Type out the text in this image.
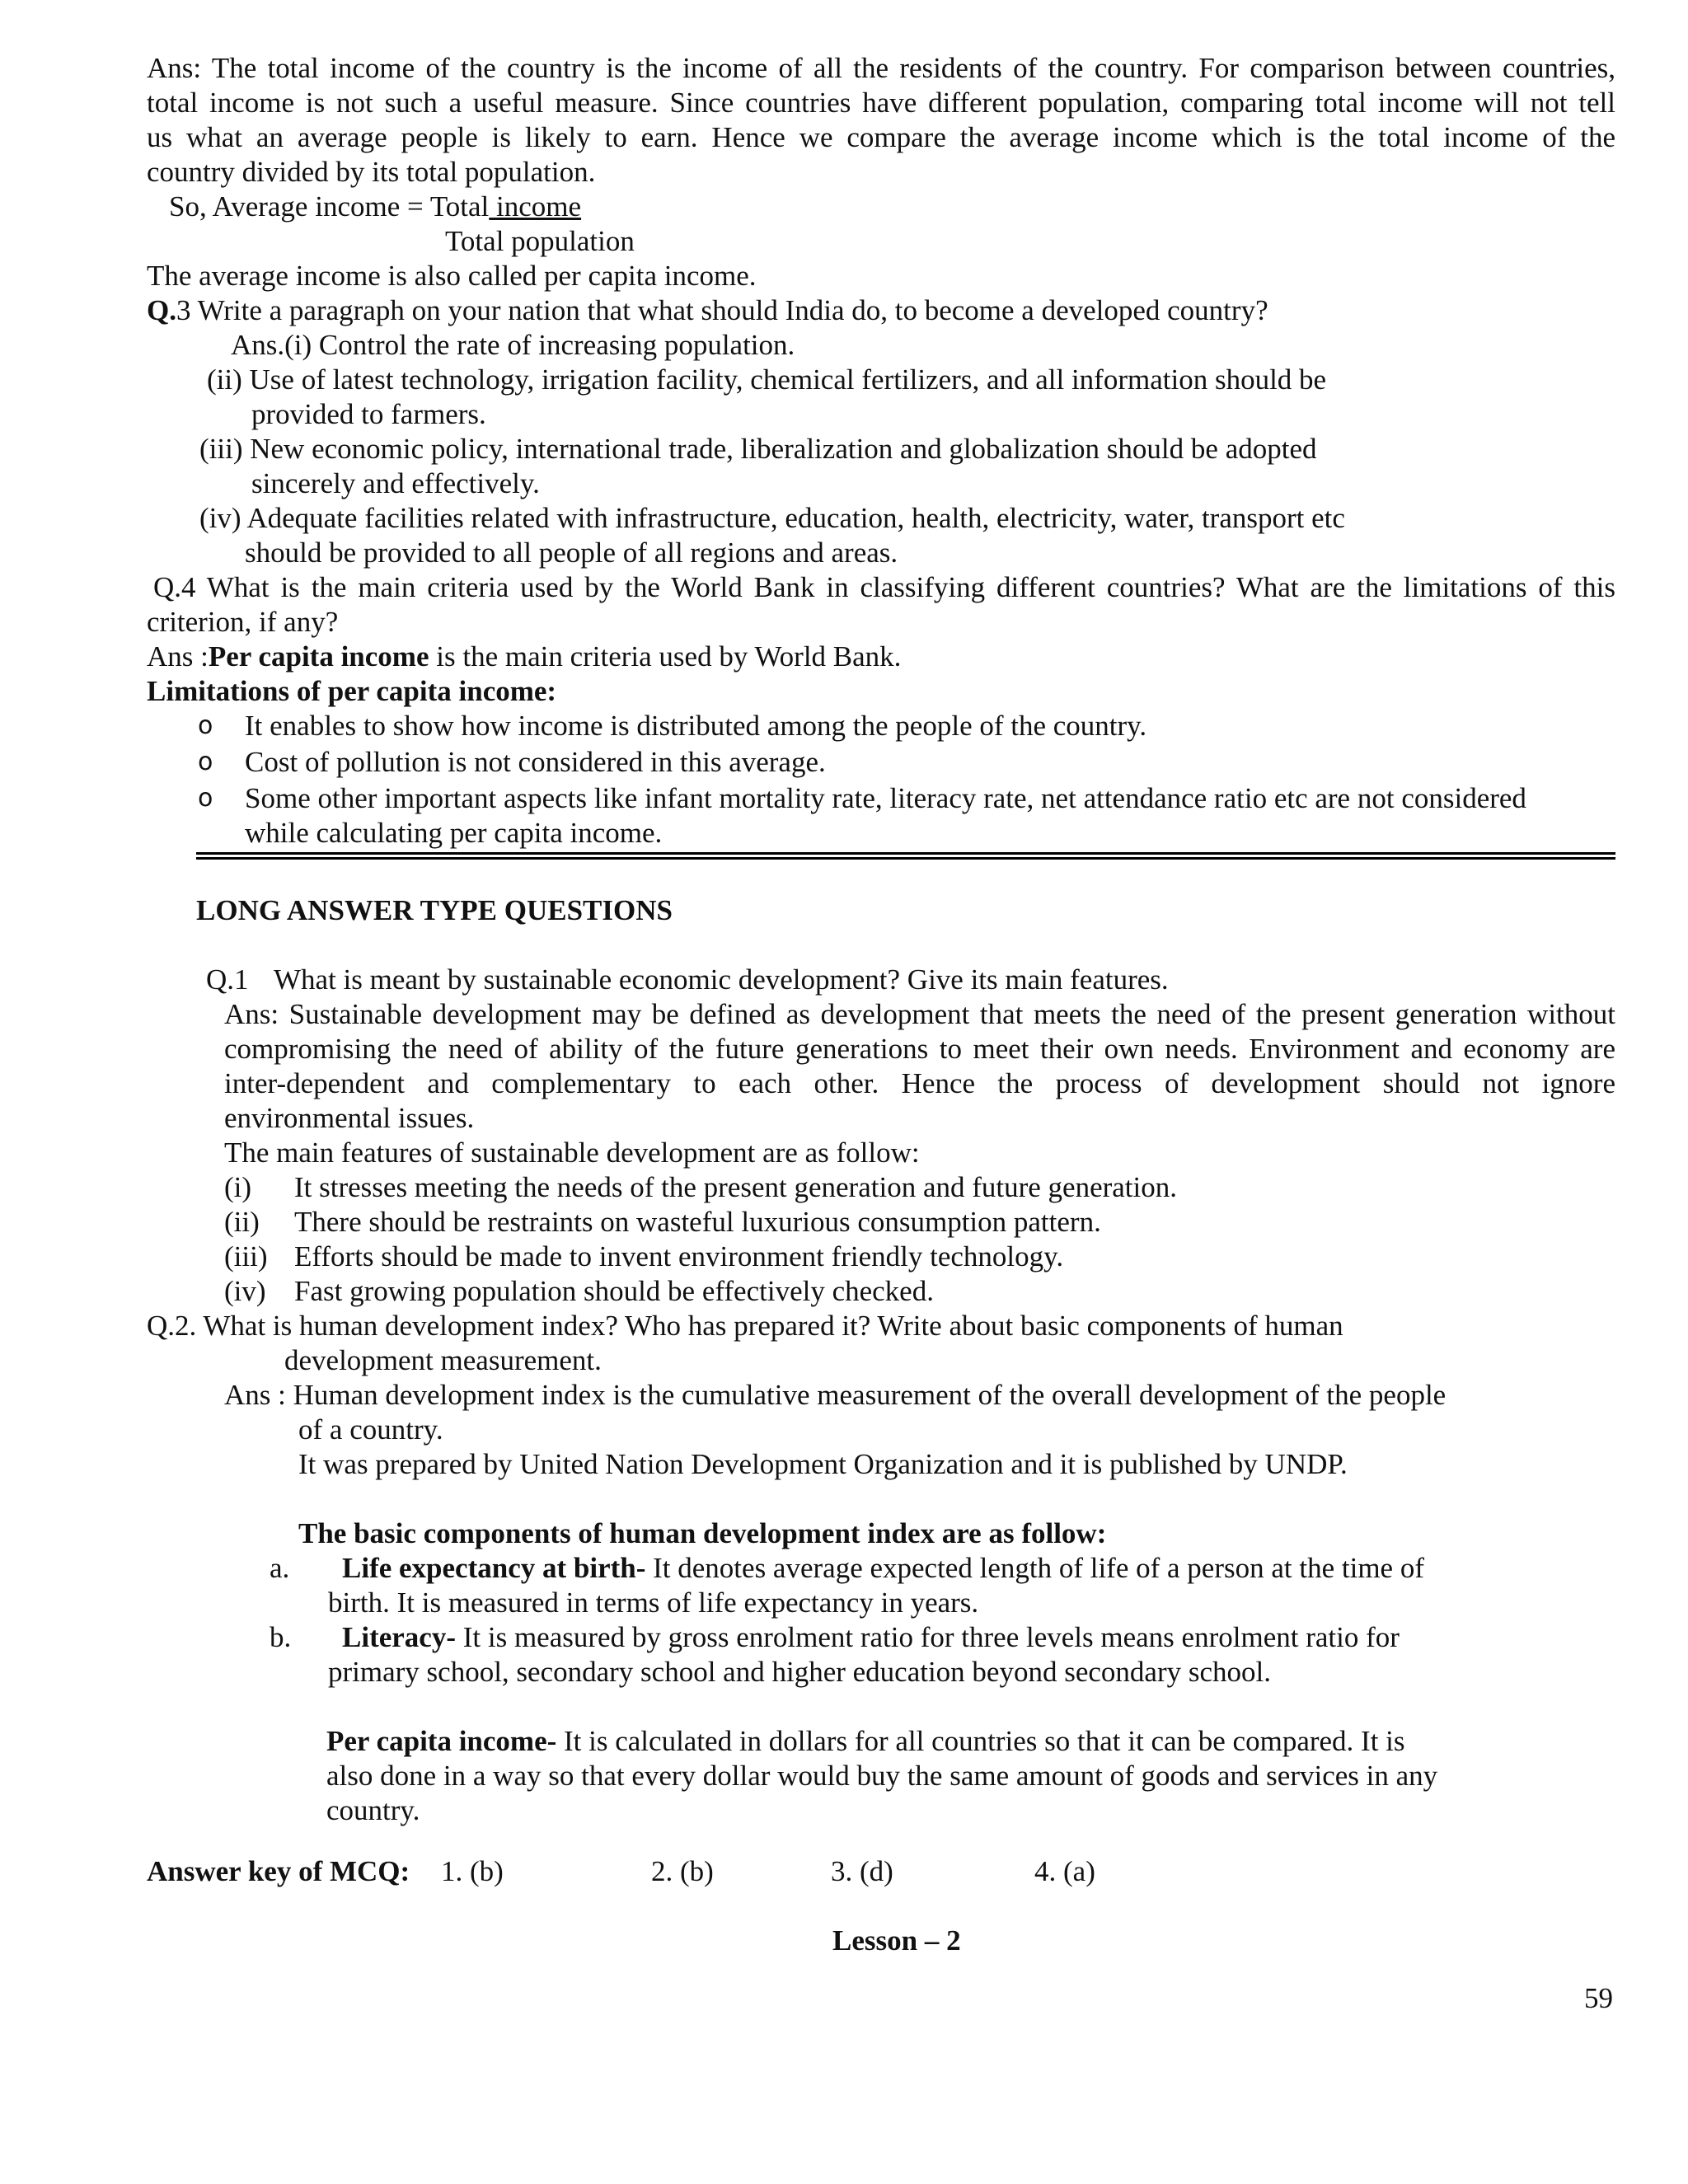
Ans: The total income of the country is the income of all the residents of the country. For comparison between countries,
total income is not such a useful measure. Since countries have different population, comparing total income will not tell
us what an average people is likely to earn. Hence we compare the average income which is the total income of the
country divided by its total population.
So, Average income = Total income
Total population
The average income is also called per capita income.
Q.3 Write a paragraph on your nation that what should India do, to become a developed country?
Ans.(i) Control the rate of increasing population.
(ii) Use of latest technology, irrigation facility, chemical fertilizers, and all information should be
provided to farmers.
(iii) New economic policy, international trade, liberalization and globalization should be adopted
sincerely and effectively.
(iv) Adequate facilities related with infrastructure, education, health, electricity, water, transport etc
should be provided to all people of all regions and areas.
Q.4 What is the main criteria used by the World Bank in classifying different countries? What are the limitations of this
criterion, if any?
Ans :Per capita income is the main criteria used by World Bank.
Limitations of per capita income:
o It enables to show how income is distributed among the people of the country.
o Cost of pollution is not considered in this average.
o Some other important aspects like infant mortality rate, literacy rate, net attendance ratio etc are not considered
while calculating per capita income.
LONG ANSWER TYPE QUESTIONS
Q.1 What is meant by sustainable economic development? Give its main features.
Ans: Sustainable development may be defined as development that meets the need of the present generation without
compromising the need of ability of the future generations to meet their own needs. Environment and economy are
inter-dependent and complementary to each other. Hence the process of development should not ignore
environmental issues.
The main features of sustainable development are as follow:
(i) It stresses meeting the needs of the present generation and future generation.
(ii) There should be restraints on wasteful luxurious consumption pattern.
(iii) Efforts should be made to invent environment friendly technology.
(iv) Fast growing population should be effectively checked.
Q.2. What is human development index? Who has prepared it? Write about basic components of human
development measurement.
Ans : Human development index is the cumulative measurement of the overall development of the people
of a country.
It was prepared by United Nation Development Organization and it is published by UNDP.
The basic components of human development index are as follow:
a. Life expectancy at birth- It denotes average expected length of life of a person at the time of
birth. It is measured in terms of life expectancy in years.
b. Literacy- It is measured by gross enrolment ratio for three levels means enrolment ratio for
primary school, secondary school and higher education beyond secondary school.
Per capita income- It is calculated in dollars for all countries so that it can be compared. It is
also done in a way so that every dollar would buy the same amount of goods and services in any
country.
Answer key of MCQ: 1. (b)	2. (b)	3. (d)	4. (a)
Lesson – 2
59
